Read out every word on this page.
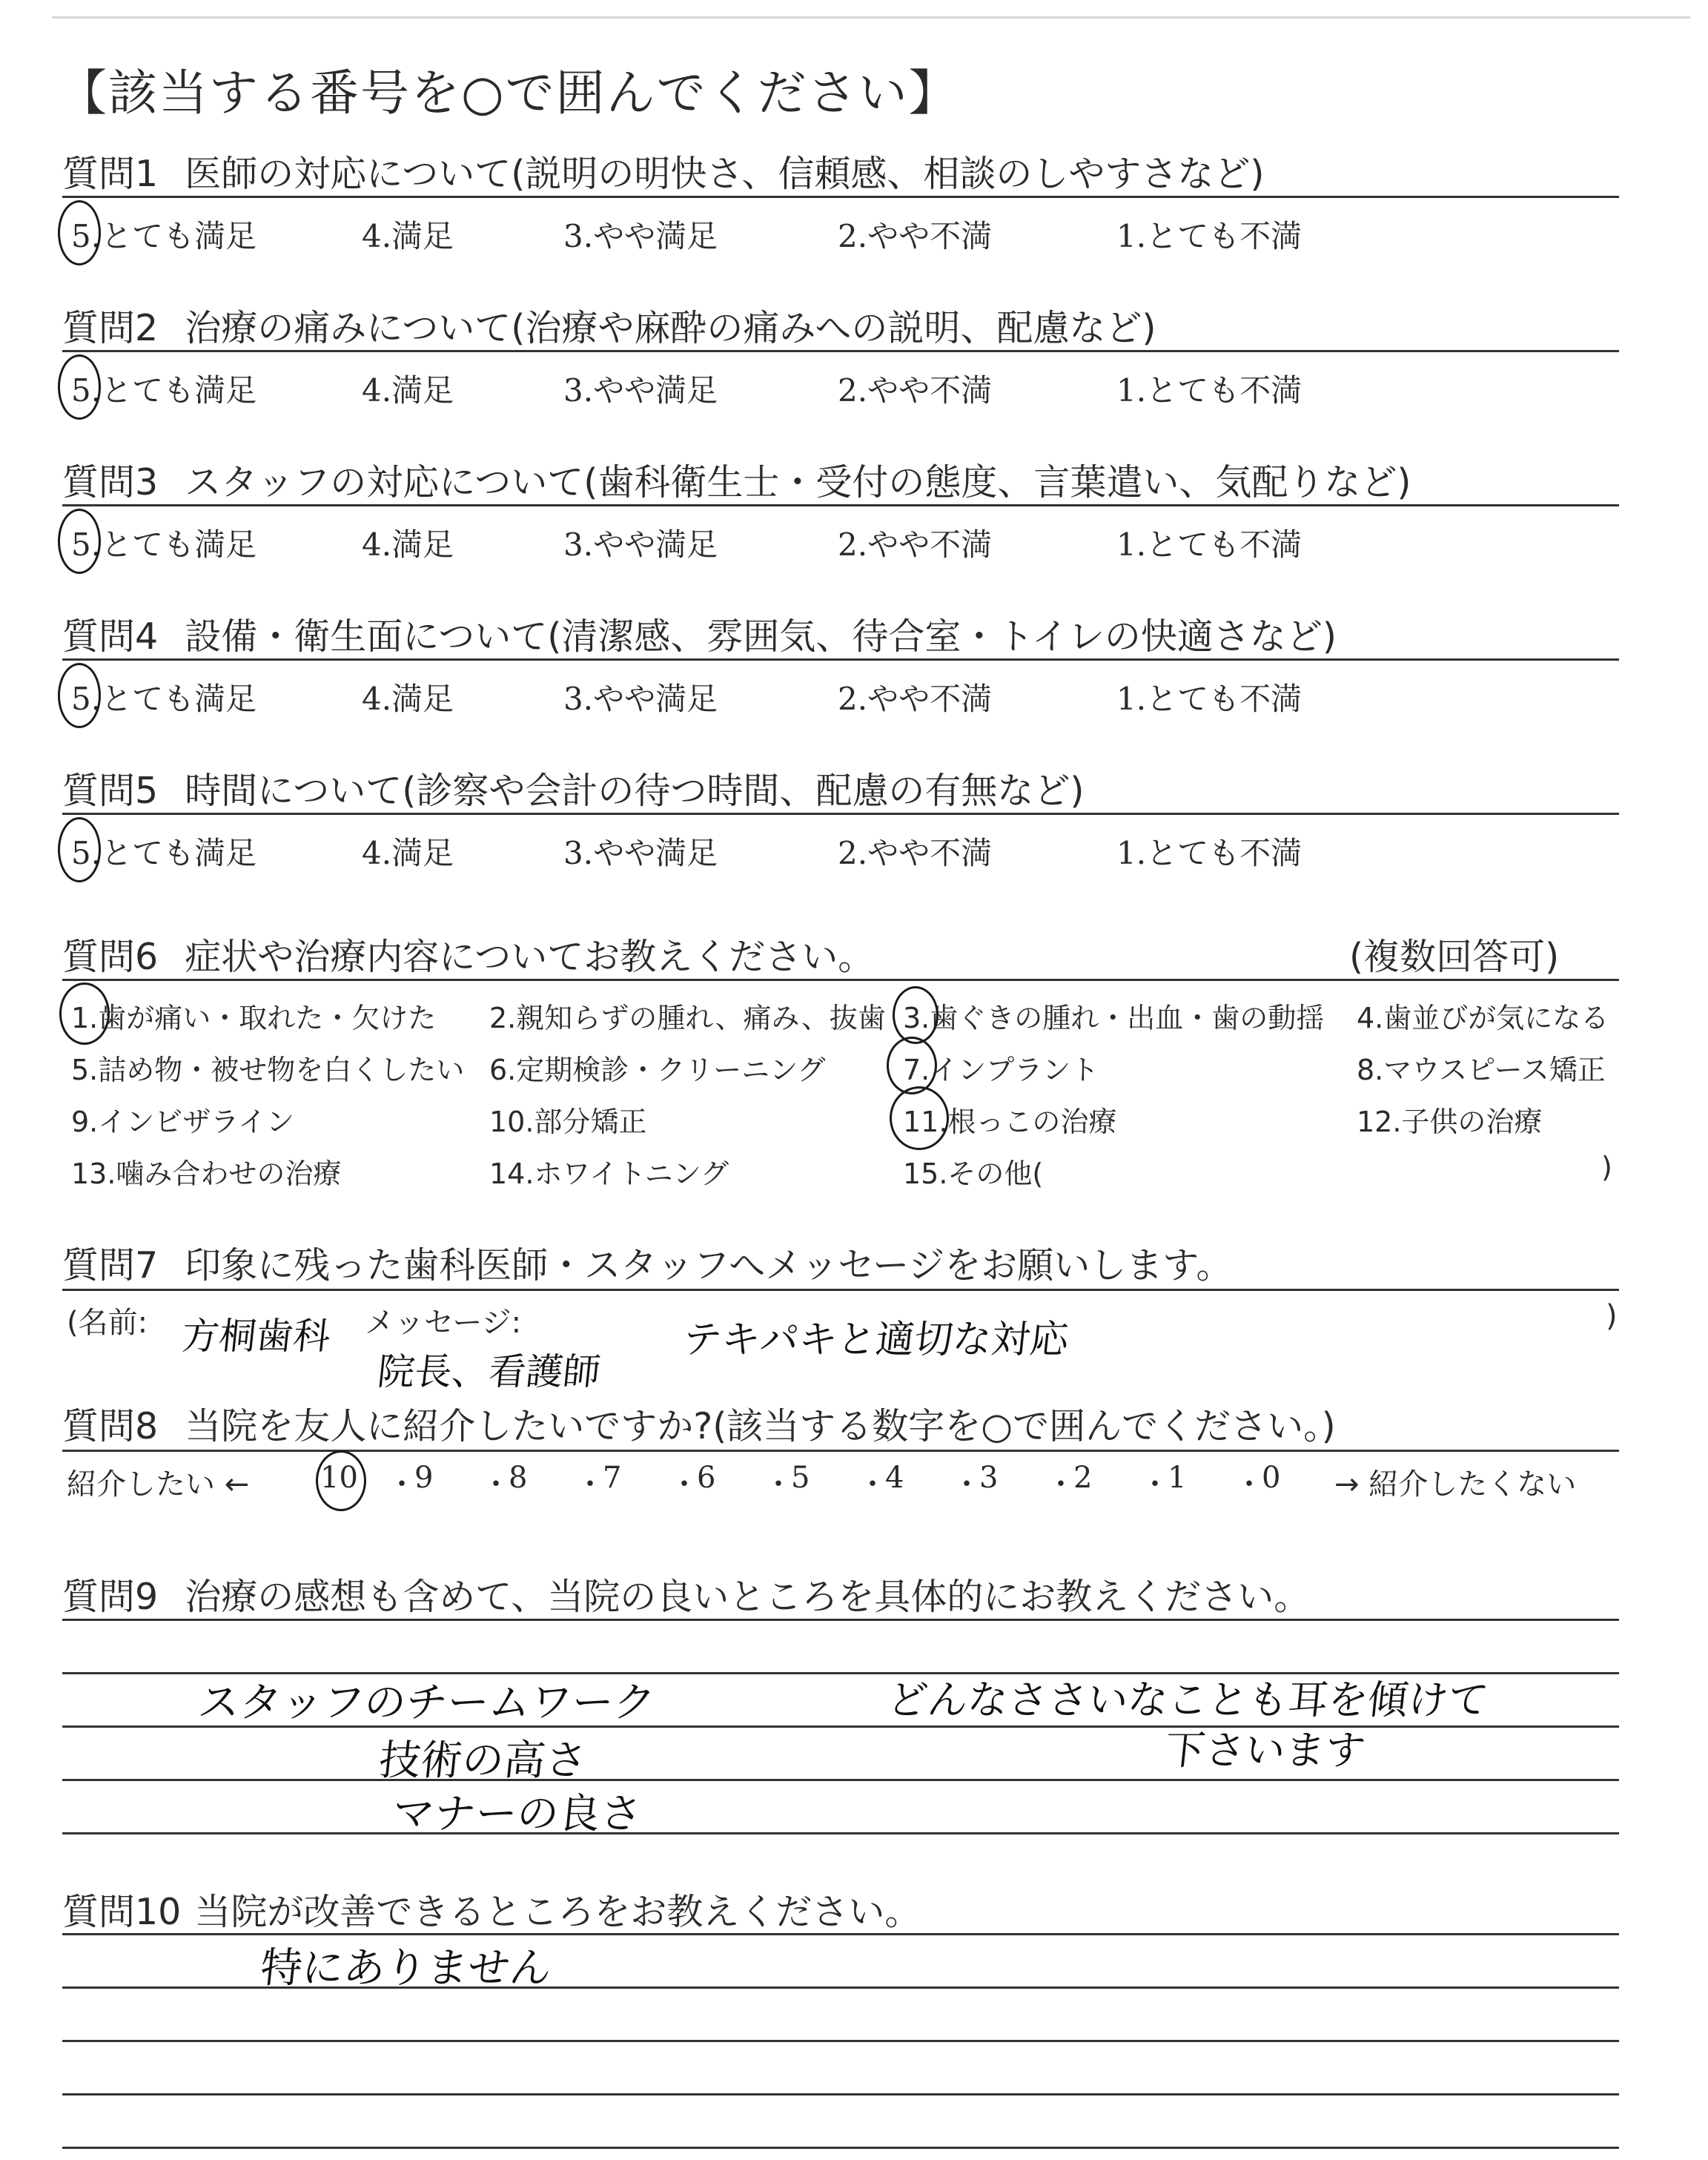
【該当する番号を○で囲んでください】
質問1 医師の対応について(説明の明快さ、信頼感、相談のしやすさなど)
5.とても満足	4.満足	3.やや満足	2.やや不満	1.とても不満
質問2 治療の痛みについて(治療や麻酔の痛みへの説明、配慮など)
5.とても満足	4.満足	3.やや満足	2.やや不満	1.とても不満
質問3 スタッフの対応について(歯科衛生士・受付の態度、言葉遣い、気配りなど)
5.とても満足	4.満足	3.やや満足	2.やや不満	1.とても不満
質問4 設備・衛生面について(清潔感、雰囲気、待合室・トイレの快適さなど)
5.とても満足	4.満足	3.やや満足	2.やや不満	1.とても不満
質問5 時間について(診察や会計の待つ時間、配慮の有無など)
5.とても満足	4.満足	3.やや満足	2.やや不満	1.とても不満
質問6 症状や治療内容についてお教えください。	(複数回答可)
1.歯が痛い・取れた・欠けた 2.親知らずの腫れ、痛み、抜歯 3.歯ぐきの腫れ・出血・歯の動揺 4.歯並びが気になる
5.詰め物・被せ物を白くしたい 6.定期検診・クリーニング	7.インプラント	8.マウスピース矯正
9.インビザライン	10.部分矯正	11.根っこの治療	12.子供の治療
13.噛み合わせの治療	14.ホワイトニング	15.その他(	)
質問7 印象に残った歯科医師・スタッフへメッセージをお願いします。
(名前:	メッセージ:	)
方桐歯科
院長、看護師
テキパキと適切な対応
質問8 当院を友人に紹介したいですか?(該当する数字を○で囲んでください。)
紹介したい ← 10 ・
9 ・
8 ・
7 ・
6 ・
5 ・
4 ・
3 ・
2 ・
1 ・
0 → 紹介したくない
質問9 治療の感想も含めて、当院の良いところを具体的にお教えください。
スタッフのチームワーク
技術の高さ
マナーの良さ
どんなささいなことも耳を傾けて
下さいます
質問10 当院が改善できるところをお教えください。
特にありません
